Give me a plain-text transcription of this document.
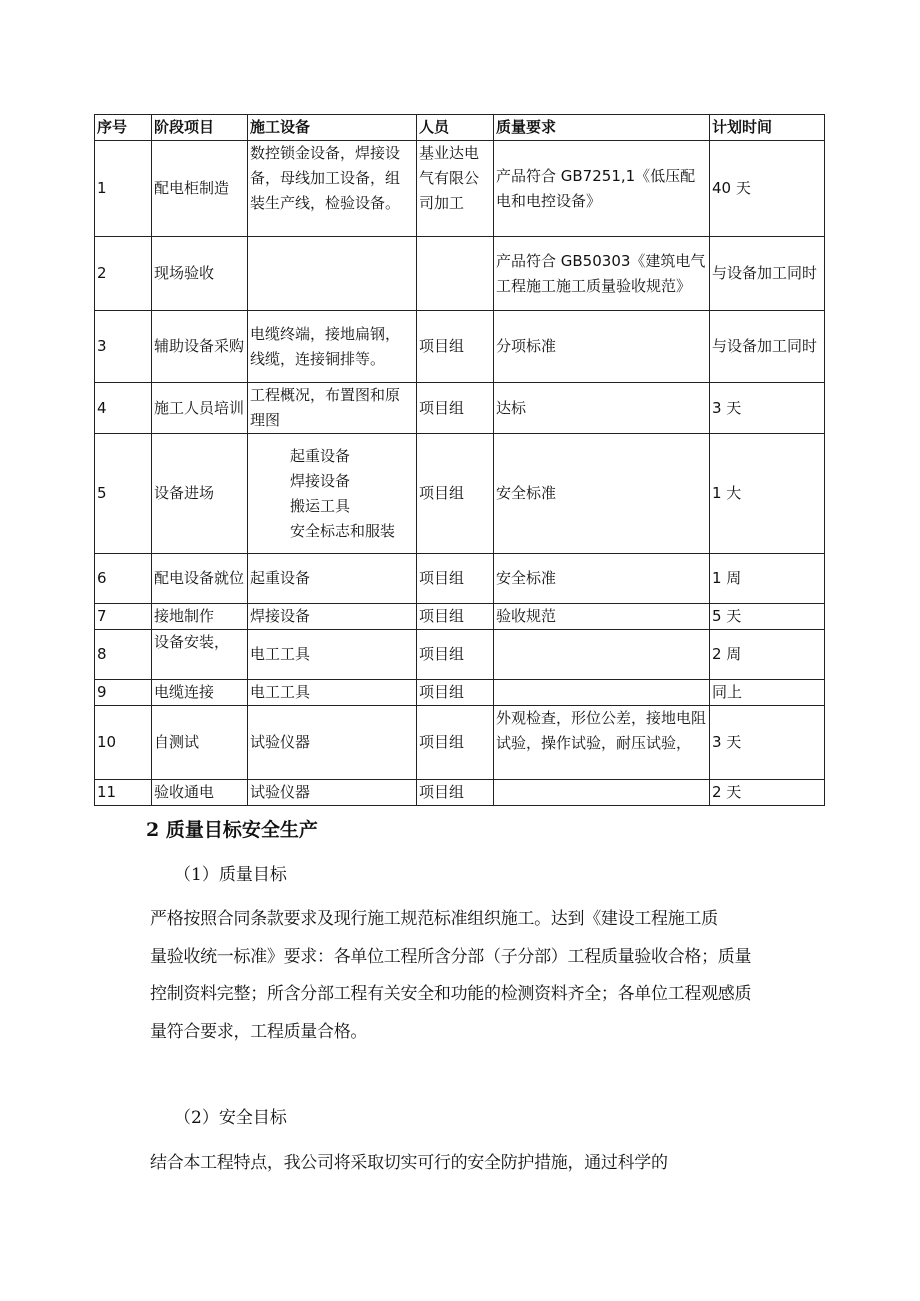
序号	阶段项目	施工设备	人员	质量要求	计划时间
1	配电柜制造	数控锁金设备，焊接设备，母线加工设备，组装生产线，检验设备。	基业达电气有限公司加工	产品符合 GB7251,1《低压配电和电控设备》	40 天
2	现场验收			产品符合 GB50303《建筑电气工程施工施工质量验收规范》	与设备加工同时
3	辅助设备采购	电缆终端，接地扁钢，线缆，连接铜排等。	项目组	分项标准	与设备加工同时
4	施工人员培训	工程概况，布置图和原理图	项目组	达标	3 天
5	设备进场	起重设备
焊接设备
搬运工具
安全标志和服装	项目组	安全标准	1 大
6	配电设备就位	起重设备	项目组	安全标准	1 周
7	接地制作	焊接设备	项目组	验收规范	5 天
8	设备安装，	电工工具	项目组		2 周
9	电缆连接	电工工具	项目组		同上
10	自测试	试验仪器	项目组	外观检查，形位公差，接地电阻试验，操作试验，耐压试验，	3 天
11	验收通电	试验仪器	项目组		2 天
2 质量目标安全生产
（1）质量目标
严格按照合同条款要求及现行施工规范标准组织施工。达到《建设工程施工质
量验收统一标准》要求：各单位工程所含分部（子分部）工程质量验收合格；质量
控制资料完整；所含分部工程有关安全和功能的检测资料齐全；各单位工程观感质
量符合要求，工程质量合格。
（2）安全目标
结合本工程特点，我公司将采取切实可行的安全防护措施，通过科学的
